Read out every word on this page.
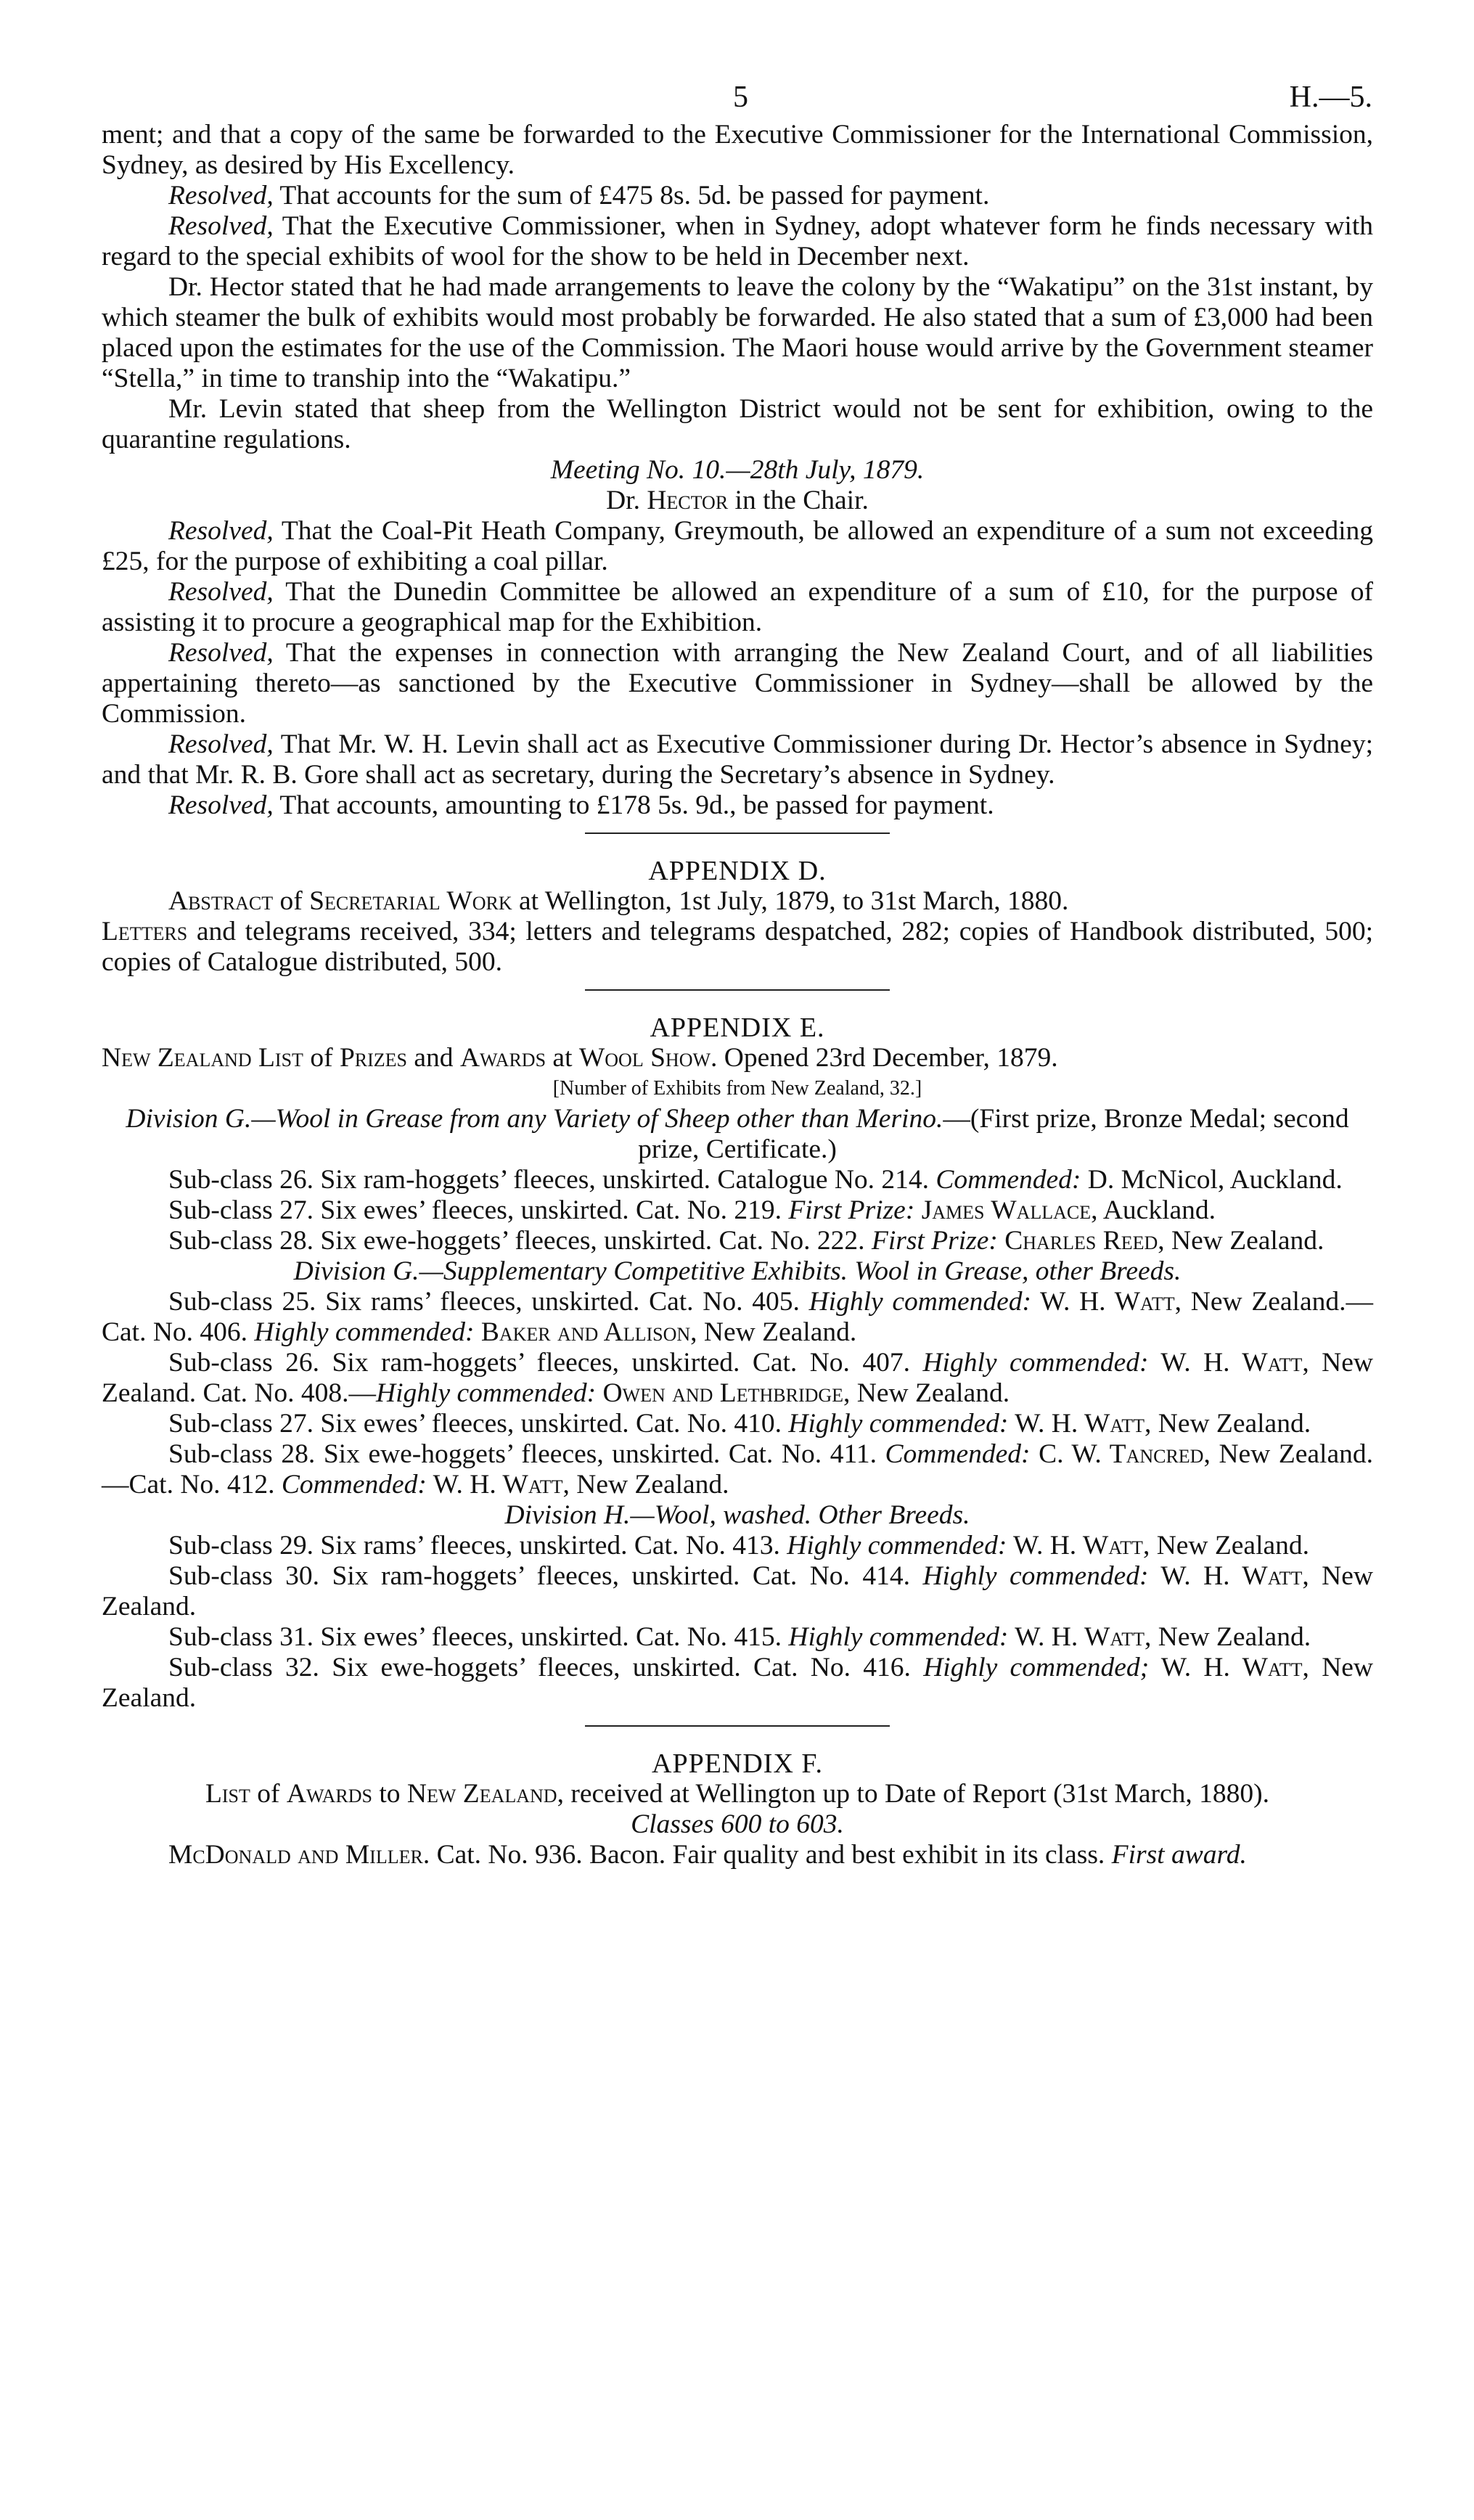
5	H.—5.

ment; and that a copy of the same be forwarded to the Executive Commissioner for the International Commission, Sydney, as desired by His Excellency.

Resolved, That accounts for the sum of £475 8s. 5d. be passed for payment.

Resolved, That the Executive Commissioner, when in Sydney, adopt whatever form he finds necessary with regard to the special exhibits of wool for the show to be held in December next.

Dr. Hector stated that he had made arrangements to leave the colony by the “Wakatipu” on the 31st instant, by which steamer the bulk of exhibits would most probably be forwarded. He also stated that a sum of £3,000 had been placed upon the estimates for the use of the Commission. The Maori house would arrive by the Government steamer “Stella,” in time to tranship into the “Wakatipu.”

Mr. Levin stated that sheep from the Wellington District would not be sent for exhibition, owing to the quarantine regulations.

Meeting No. 10.—28th July, 1879.

Dr. Hector in the Chair.

Resolved, That the Coal-Pit Heath Company, Greymouth, be allowed an expenditure of a sum not exceeding £25, for the purpose of exhibiting a coal pillar.

Resolved, That the Dunedin Committee be allowed an expenditure of a sum of £10, for the purpose of assisting it to procure a geographical map for the Exhibition.

Resolved, That the expenses in connection with arranging the New Zealand Court, and of all liabilities appertaining thereto—as sanctioned by the Executive Commissioner in Sydney—shall be allowed by the Commission.

Resolved, That Mr. W. H. Levin shall act as Executive Commissioner during Dr. Hector’s absence in Sydney; and that Mr. R. B. Gore shall act as secretary, during the Secretary’s absence in Sydney.

Resolved, That accounts, amounting to £178 5s. 9d., be passed for payment.

APPENDIX D.

Abstract of Secretarial Work at Wellington, 1st July, 1879, to 31st March, 1880.

Letters and telegrams received, 334; letters and telegrams despatched, 282; copies of Handbook distributed, 500; copies of Catalogue distributed, 500.

APPENDIX E.

New Zealand List of Prizes and Awards at Wool Show. Opened 23rd December, 1879.

[Number of Exhibits from New Zealand, 32.]

Division G.—Wool in Grease from any Variety of Sheep other than Merino.—(First prize, Bronze Medal; second prize, Certificate.)

Sub-class 26. Six ram-hoggets’ fleeces, unskirted. Catalogue No. 214. Commended: D. McNicol, Auckland.

Sub-class 27. Six ewes’ fleeces, unskirted. Cat. No. 219. First Prize: James Wallace, Auckland.

Sub-class 28. Six ewe-hoggets’ fleeces, unskirted. Cat. No. 222. First Prize: Charles Reed, New Zealand.

Division G.—Supplementary Competitive Exhibits. Wool in Grease, other Breeds.

Sub-class 25. Six rams’ fleeces, unskirted. Cat. No. 405. Highly commended: W. H. Watt, New Zealand.—Cat. No. 406. Highly commended: Baker and Allison, New Zealand.

Sub-class 26. Six ram-hoggets’ fleeces, unskirted. Cat. No. 407. Highly commended: W. H. Watt, New Zealand. Cat. No. 408.—Highly commended: Owen and Lethbridge, New Zealand.

Sub-class 27. Six ewes’ fleeces, unskirted. Cat. No. 410. Highly commended: W. H. Watt, New Zealand.

Sub-class 28. Six ewe-hoggets’ fleeces, unskirted. Cat. No. 411. Commended: C. W. Tancred, New Zealand.—Cat. No. 412. Commended: W. H. Watt, New Zealand.

Division H.—Wool, washed. Other Breeds.

Sub-class 29. Six rams’ fleeces, unskirted. Cat. No. 413. Highly commended: W. H. Watt, New Zealand.

Sub-class 30. Six ram-hoggets’ fleeces, unskirted. Cat. No. 414. Highly commended: W. H. Watt, New Zealand.

Sub-class 31. Six ewes’ fleeces, unskirted. Cat. No. 415. Highly commended: W. H. Watt, New Zealand.

Sub-class 32. Six ewe-hoggets’ fleeces, unskirted. Cat. No. 416. Highly commended; W. H. Watt, New Zealand.

APPENDIX F.

List of Awards to New Zealand, received at Wellington up to Date of Report (31st March, 1880).

Classes 600 to 603.

McDonald and Miller. Cat. No. 936. Bacon. Fair quality and best exhibit in its class. First award.
